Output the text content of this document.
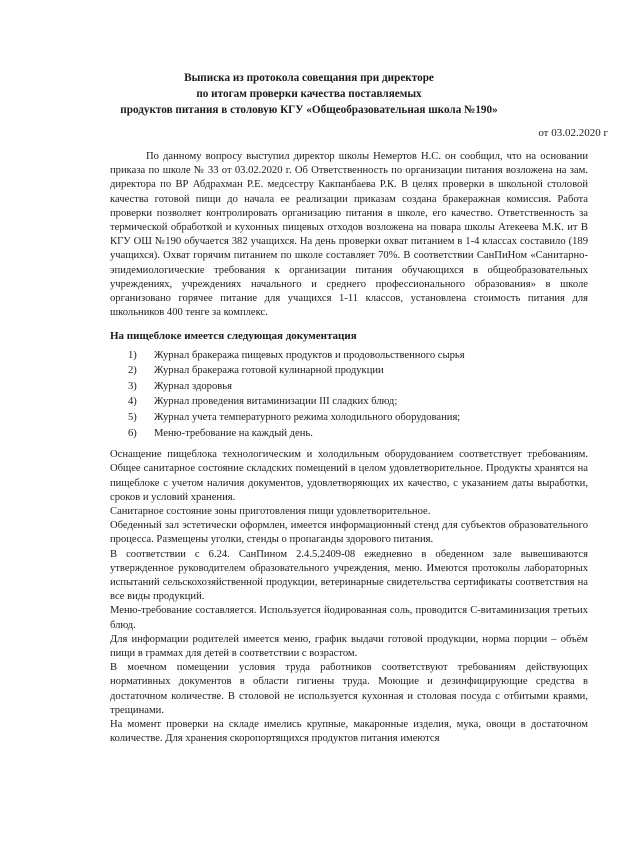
Выписка из протокола совещания при директоре
по итогам проверки качества поставляемых
продуктов питания в столовую КГУ «Общеобразовательная школа №190»
от 03.02.2020 г

По данному вопросу выступил директор школы Немертов Н.С. он сообщил, что на основании приказа по школе № 33 от 03.02.2020 г. Об Ответственность по организации питания возложена на зам. директора по ВР Абдрахман Р.Е. медсестру Какпанбаева Р.К. В целях проверки в школьной столовой качества готовой пищи до начала ее реализации приказам создана бракеражная комиссия. Работа проверки позволяет контролировать организацию питания в школе, его качество. Ответственность за термической обработкой и кухонных пищевых отходов возложена на повара школы Атекеева М.К. ит В КГУ ОШ №190 обучается 382 учащихся. На день проверки охват питанием в 1-4 классах составило (189 учащихся). Охват горячим питанием по школе составляет 70%. В соответствии СанПиНом «Санитарно-эпидемиологические требования к организации питания обучающихся в общеобразовательных учреждениях, учреждениях начального и среднего профессионального образования» в школе организовано горячее питание для учащихся 1-11 классов, установлена стоимость питания для школьников 400 тенге за комплекс.

На пищеблоке имеется следующая документация

1)	Журнал бракеража пищевых продуктов и продовольственного сырья
2)	Журнал бракеража готовой кулинарной продукции
3)	Журнал здоровья
4)	Журнал проведения витаминизации III сладких блюд;
5)	Журнал учета температурного режима холодильного оборудования;
6)	Меню-требование на каждый день.

Оснащение пищеблока технологическим и холодильным оборудованием соответствует требованиям. Общее санитарное состояние складских помещений в целом удовлетворительное. Продукты хранятся на пищеблоке с учетом наличия документов, удовлетворяющих их качество, с указанием даты выработки, сроков и условий хранения.

Санитарное состояние зоны приготовления пищи удовлетворительное.

Обеденный зал эстетически оформлен, имеется информационный стенд для субъектов образовательного процесса. Размещены уголки, стенды о пропаганды здорового питания.

В соответствии с 6.24. СанПином 2.4.5.2409-08 ежедневно в обеденном зале вывешиваются утвержденное руководителем образовательного учреждения, меню. Имеются протоколы лабораторных испытаний сельскохозяйственной продукции, ветеринарные свидетельства сертификаты соответствия на все виды продукций.

Меню-требование составляется. Используется йодированная соль, проводится С-витаминизация третьих блюд.

Для информации родителей имеется меню, график выдачи готовой продукции, норма порции – объём пищи в граммах для детей в соответствии с возрастом.

В моечном помещении условия труда работников соответствуют требованиям действующих нормативных документов в области гигиены труда. Моющие и дезинфицирующие средства в достаточном количестве. В столовой не используется кухонная и столовая посуда с отбитыми краями, трещинами.

На момент проверки на складе имелись крупные, макаронные изделия, мука, овощи в достаточном количестве. Для хранения скоропортящихся продуктов питания имеются
